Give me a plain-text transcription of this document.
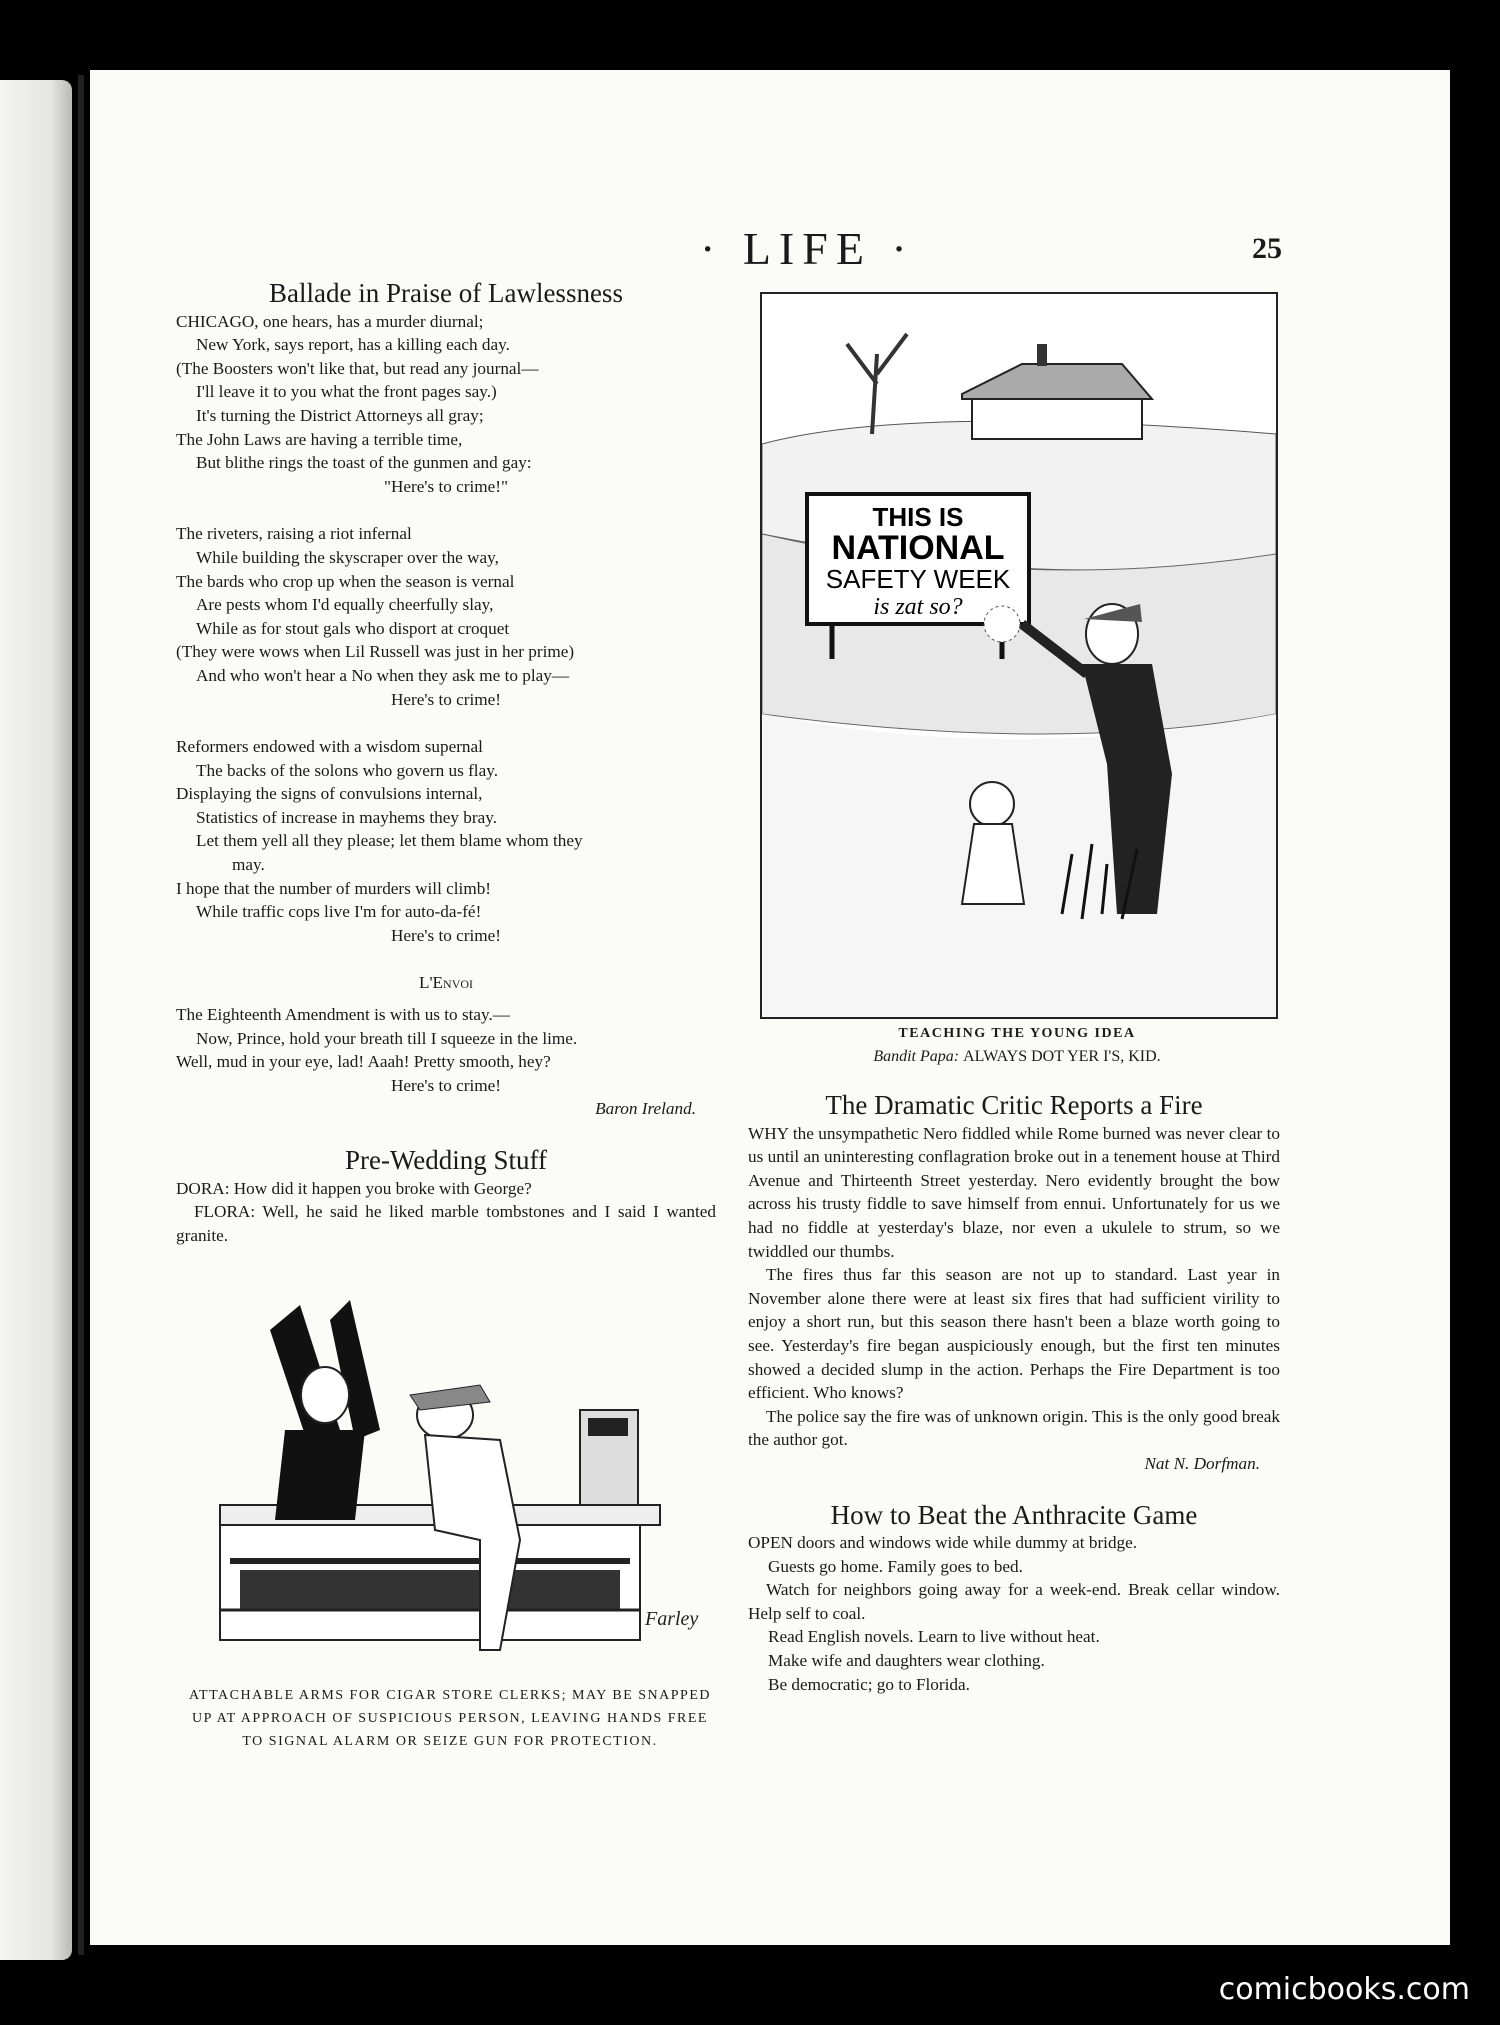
· LIFE ·	25
Ballade in Praise of Lawlessness
CHICAGO, one hears, has a murder diurnal;
New York, says report, has a killing each day.
(The Boosters won't like that, but read any journal—
I'll leave it to you what the front pages say.)
It's turning the District Attorneys all gray;
The John Laws are having a terrible time,
But blithe rings the toast of the gunmen and gay:
"Here's to crime!"
The riveters, raising a riot infernal
While building the skyscraper over the way,
The bards who crop up when the season is vernal
Are pests whom I'd equally cheerfully slay,
While as for stout gals who disport at croquet
(They were wows when Lil Russell was just in her prime)
And who won't hear a No when they ask me to play—
Here's to crime!
Reformers endowed with a wisdom supernal
The backs of the solons who govern us flay.
Displaying the signs of convulsions internal,
Statistics of increase in mayhems they bray.
Let them yell all they please; let them blame whom they
may.
I hope that the number of murders will climb!
While traffic cops live I'm for auto-da-fé!
Here's to crime!
L'Envoi
The Eighteenth Amendment is with us to stay.—
Now, Prince, hold your breath till I squeeze in the lime.
Well, mud in your eye, lad! Aaah! Pretty smooth, hey?
Here's to crime!
Baron Ireland.
Pre-Wedding Stuff
DORA: How did it happen you broke with George?
FLORA: Well, he said he liked marble tombstones and I said I wanted granite.
Farley
ATTACHABLE ARMS FOR CIGAR STORE CLERKS; MAY BE SNAPPED UP AT APPROACH OF SUSPICIOUS PERSON, LEAVING HANDS FREE TO SIGNAL ALARM OR SEIZE GUN FOR PROTECTION.
THIS IS
NATIONAL
SAFETY WEEK
is zat so?
TEACHING THE YOUNG IDEA
Bandit Papa: ALWAYS DOT YER I'S, KID.
The Dramatic Critic Reports a Fire
WHY the unsympathetic Nero fiddled while Rome burned was never clear to us until an uninteresting conflagration broke out in a tenement house at Third Avenue and Thirteenth Street yesterday. Nero evidently brought the bow across his trusty fiddle to save himself from ennui. Unfortunately for us we had no fiddle at yesterday's blaze, nor even a ukulele to strum, so we twiddled our thumbs.
The fires thus far this season are not up to standard. Last year in November alone there were at least six fires that had sufficient virility to enjoy a short run, but this season there hasn't been a blaze worth going to see. Yesterday's fire began auspiciously enough, but the first ten minutes showed a decided slump in the action. Perhaps the Fire Department is too efficient. Who knows?
The police say the fire was of unknown origin. This is the only good break the author got.
Nat N. Dorfman.
How to Beat the Anthracite Game
OPEN doors and windows wide while dummy at bridge.
Guests go home. Family goes to bed.
Watch for neighbors going away for a week-end. Break cellar window. Help self to coal.
Read English novels. Learn to live without heat.
Make wife and daughters wear clothing.
Be democratic; go to Florida.
comicbooks.com
